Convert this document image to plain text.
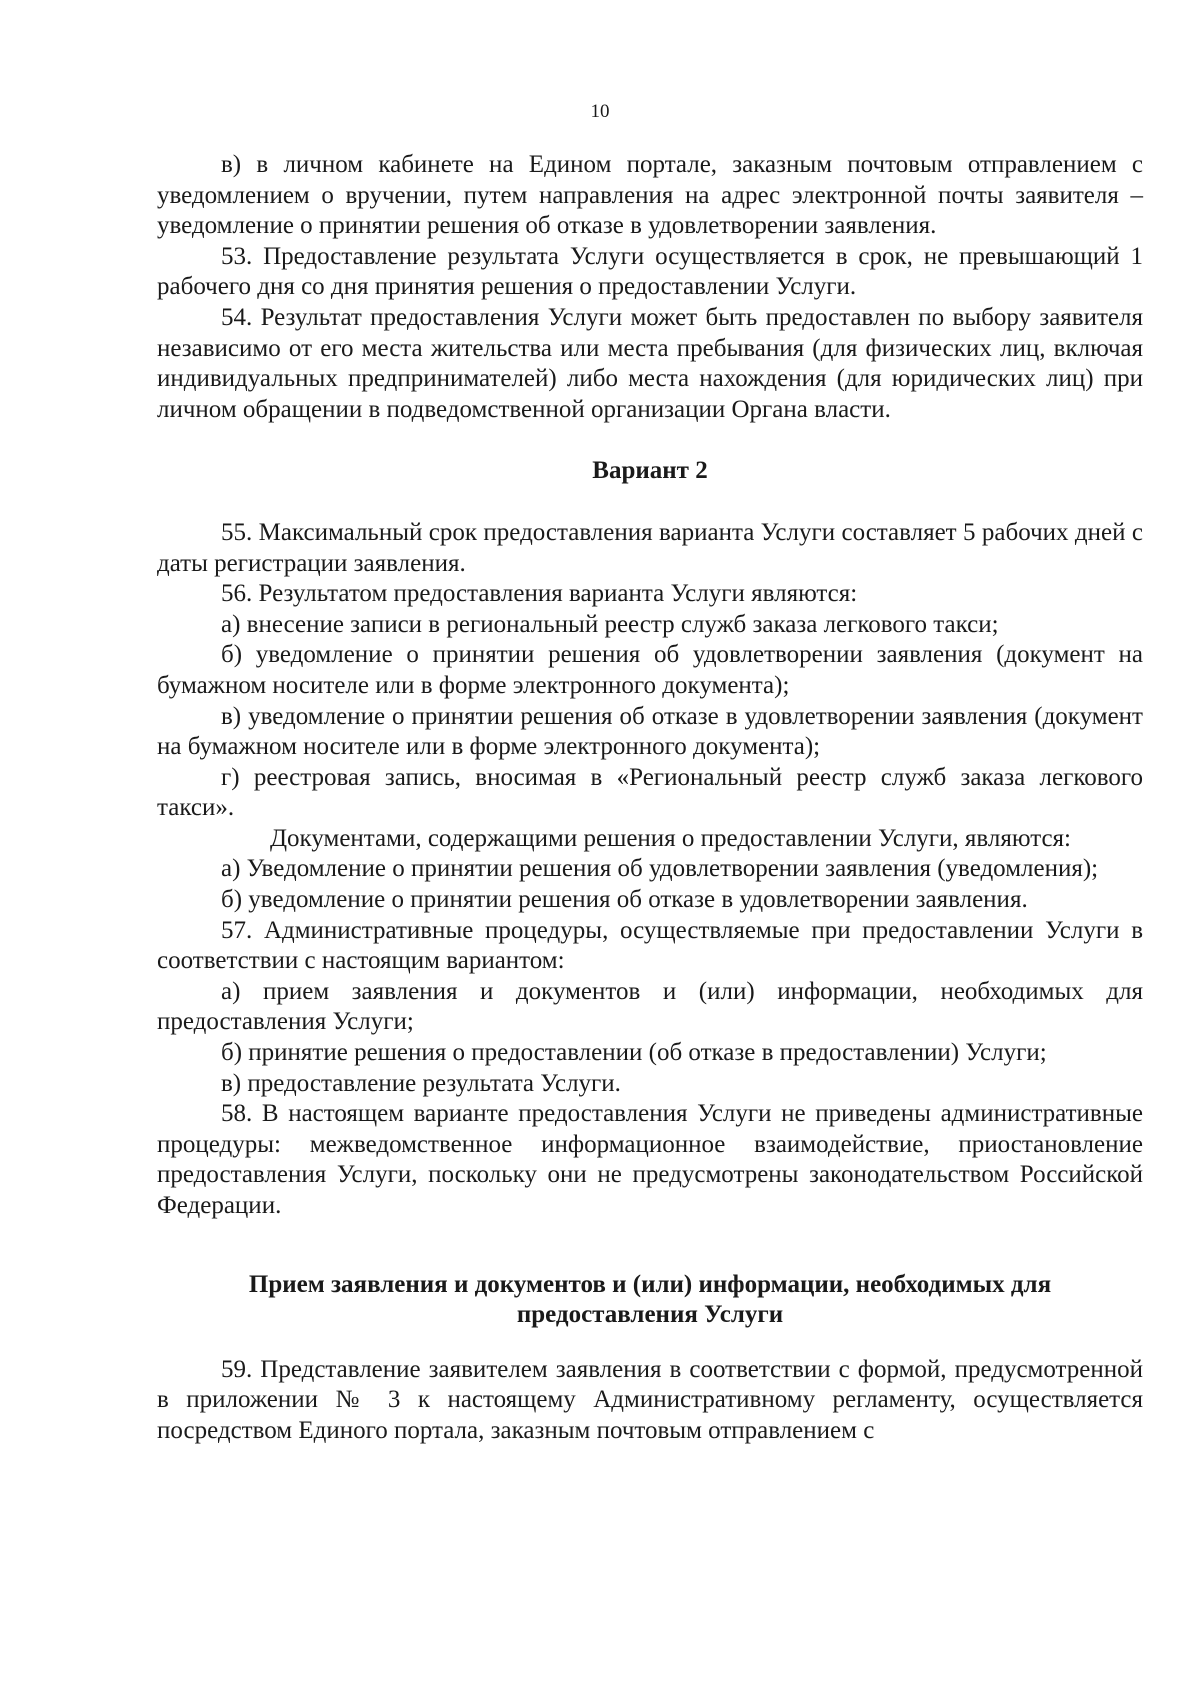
10

в) в личном кабинете на Едином портале, заказным почтовым отправлением с уведомлением о вручении, путем направления на адрес электронной почты заявителя – уведомление о принятии решения об отказе в удовлетворении заявления.

53. Предоставление результата Услуги осуществляется в срок, не превышающий 1 рабочего дня со дня принятия решения о предоставлении Услуги.

54. Результат предоставления Услуги может быть предоставлен по выбору заявителя независимо от его места жительства или места пребывания (для физических лиц, включая индивидуальных предпринимателей) либо места нахождения (для юридических лиц) при личном обращении в подведомственной организации Органа власти.

Вариант 2

55. Максимальный срок предоставления варианта Услуги составляет 5 рабочих дней с даты регистрации заявления.

56. Результатом предоставления варианта Услуги являются:

а) внесение записи в региональный реестр служб заказа легкового такси;

б) уведомление о принятии решения об удовлетворении заявления (документ на бумажном носителе или в форме электронного документа);

в) уведомление о принятии решения об отказе в удовлетворении заявления (документ на бумажном носителе или в форме электронного документа);

г) реестровая запись, вносимая в «Региональный реестр служб заказа легкового такси».

Документами, содержащими решения о предоставлении Услуги, являются:

а) Уведомление о принятии решения об удовлетворении заявления (уведомления);

б) уведомление о принятии решения об отказе в удовлетворении заявления.

57. Административные процедуры, осуществляемые при предоставлении Услуги в соответствии с настоящим вариантом:

а) прием заявления и документов и (или) информации, необходимых для предоставления Услуги;

б) принятие решения о предоставлении (об отказе в предоставлении) Услуги;

в) предоставление результата Услуги.

58. В настоящем варианте предоставления Услуги не приведены административные процедуры: межведомственное информационное взаимодействие, приостановление предоставления Услуги, поскольку они не предусмотрены законодательством Российской Федерации.

Прием заявления и документов и (или) информации, необходимых для предоставления Услуги

59. Представление заявителем заявления в соответствии с формой, предусмотренной в приложении № 3 к настоящему Административному регламенту, осуществляется посредством Единого портала, заказным почтовым отправлением с
